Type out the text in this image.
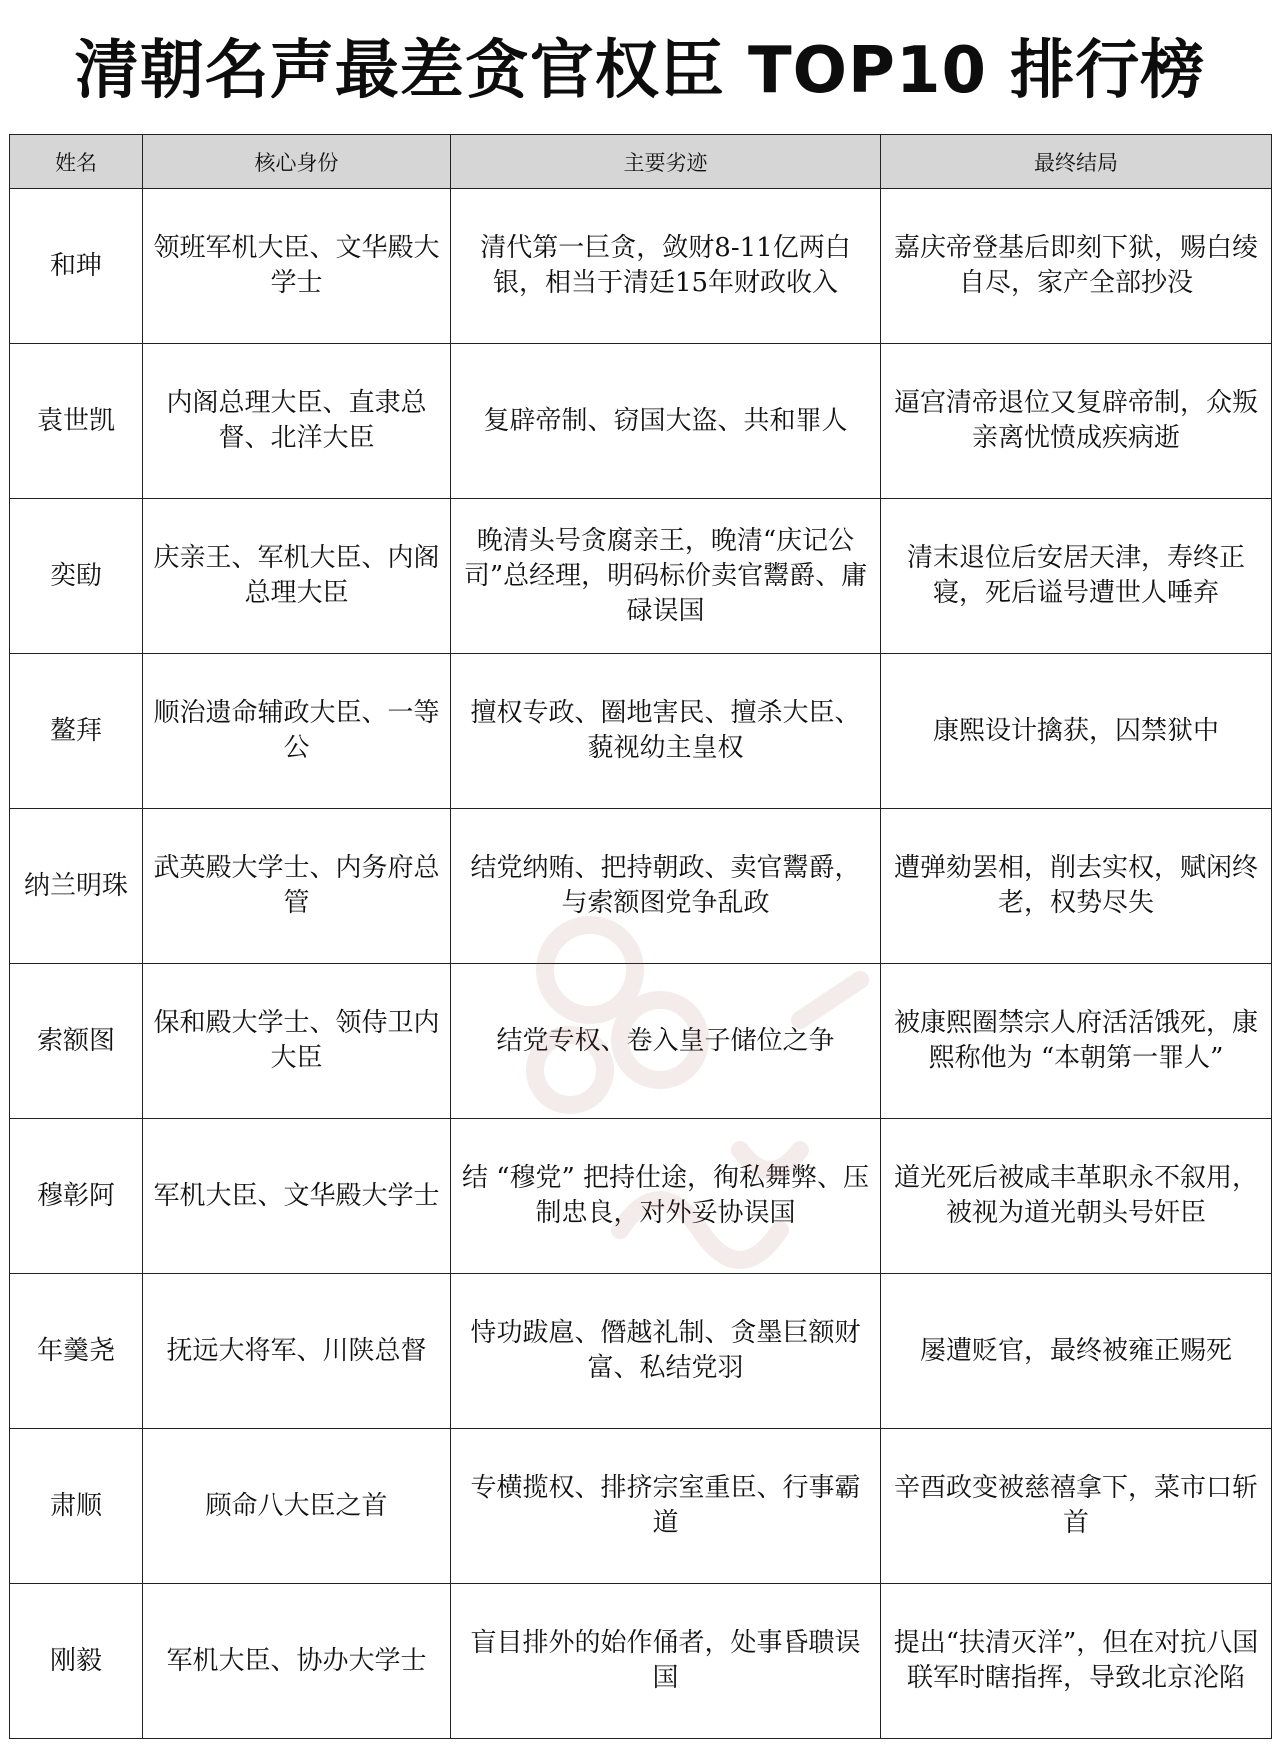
清朝名声最差贪官权臣 TOP10 排行榜
姓名	核心身份	主要劣迹	最终结局
和珅	领班军机大臣、文华殿大学士	清代第一巨贪，敛财8-11亿两白银，相当于清廷15年财政收入	嘉庆帝登基后即刻下狱，赐白绫自尽，家产全部抄没
袁世凯	内阁总理大臣、直隶总督、北洋大臣	复辟帝制、窃国大盗、共和罪人	逼宫清帝退位又复辟帝制，众叛亲离忧愤成疾病逝
奕劻	庆亲王、军机大臣、内阁总理大臣	晚清头号贪腐亲王，晚清“庆记公司”总经理，明码标价卖官鬻爵、庸碌误国	清末退位后安居天津，寿终正寝，死后谥号遭世人唾弃
鳌拜	顺治遗命辅政大臣、一等公	擅权专政、圈地害民、擅杀大臣、藐视幼主皇权	康熙设计擒获，囚禁狱中
纳兰明珠	武英殿大学士、内务府总管	结党纳贿、把持朝政、卖官鬻爵，与索额图党争乱政	遭弹劾罢相，削去实权，赋闲终老，权势尽失
索额图	保和殿大学士、领侍卫内大臣	结党专权、卷入皇子储位之争	被康熙圈禁宗人府活活饿死，康熙称他为 “本朝第一罪人”
穆彰阿	军机大臣、文华殿大学士	结 “穆党” 把持仕途，徇私舞弊、压制忠良，对外妥协误国	道光死后被咸丰革职永不叙用，被视为道光朝头号奸臣
年羹尧	抚远大将军、川陕总督	恃功跋扈、僭越礼制、贪墨巨额财富、私结党羽	屡遭贬官，最终被雍正赐死
肃顺	顾命八大臣之首	专横揽权、排挤宗室重臣、行事霸道	辛酉政变被慈禧拿下，菜市口斩首
刚毅	军机大臣、协办大学士	盲目排外的始作俑者，处事昏聩误国	提出“扶清灭洋”，但在对抗八国联军时瞎指挥，导致北京沦陷
